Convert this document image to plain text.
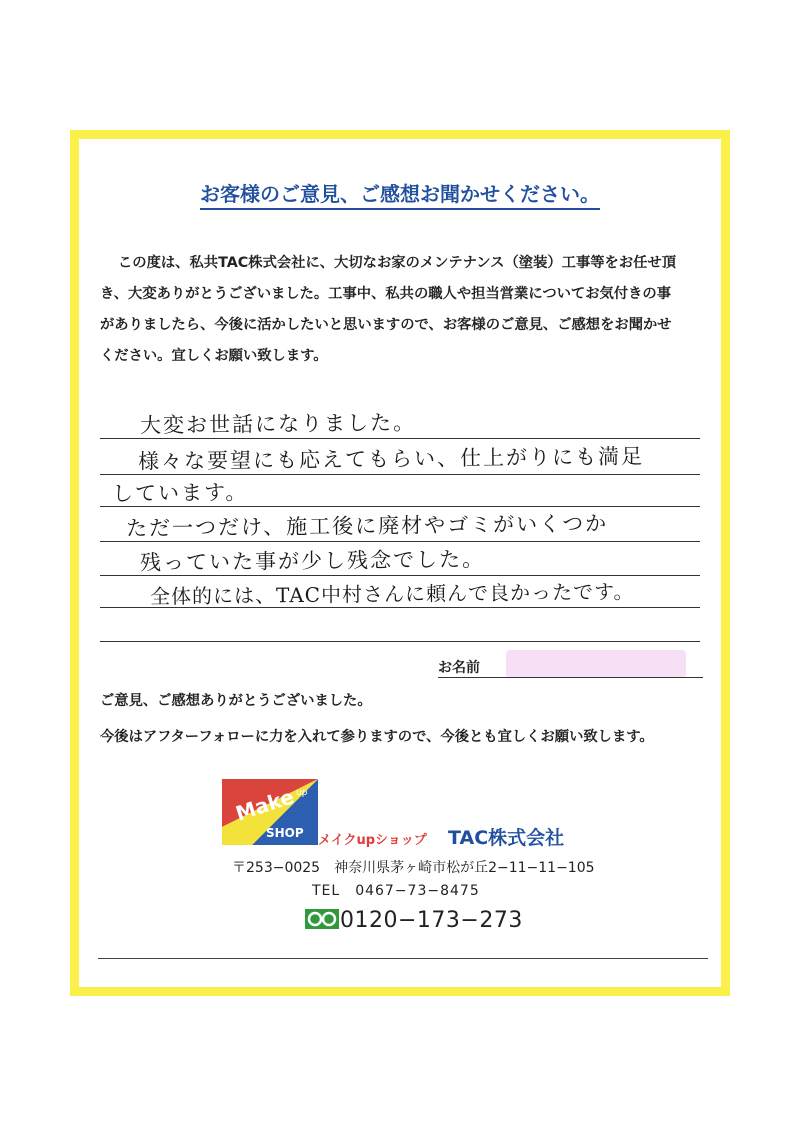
お客様のご意見、ご感想お聞かせください。
この度は、私共TAC株式会社に、大切なお家のメンテナンス（塗装）工事等をお任せ頂
き、大変ありがとうございました。工事中、私共の職人や担当営業についてお気付きの事
がありましたら、今後に活かしたいと思いますので、お客様のご意見、ご感想をお聞かせ
ください。宜しくお願い致します。
大変お世話になりました。
様々な要望にも応えてもらい、仕上がりにも満足
しています。
ただ一つだけ、施工後に廃材やゴミがいくつか
残っていた事が少し残念でした。
全体的には、TAC中村さんに頼んで良かったです。
お名前
ご意見、ご感想ありがとうございました。
今後はアフターフォローに力を入れて参りますので、今後とも宜しくお願い致します。
Make up
SHOP メイクupショップ TAC株式会社
〒253−0025　神奈川県茅ヶ崎市松が丘2−11−11−105
TEL　0467−73−8475
0120−173−273
